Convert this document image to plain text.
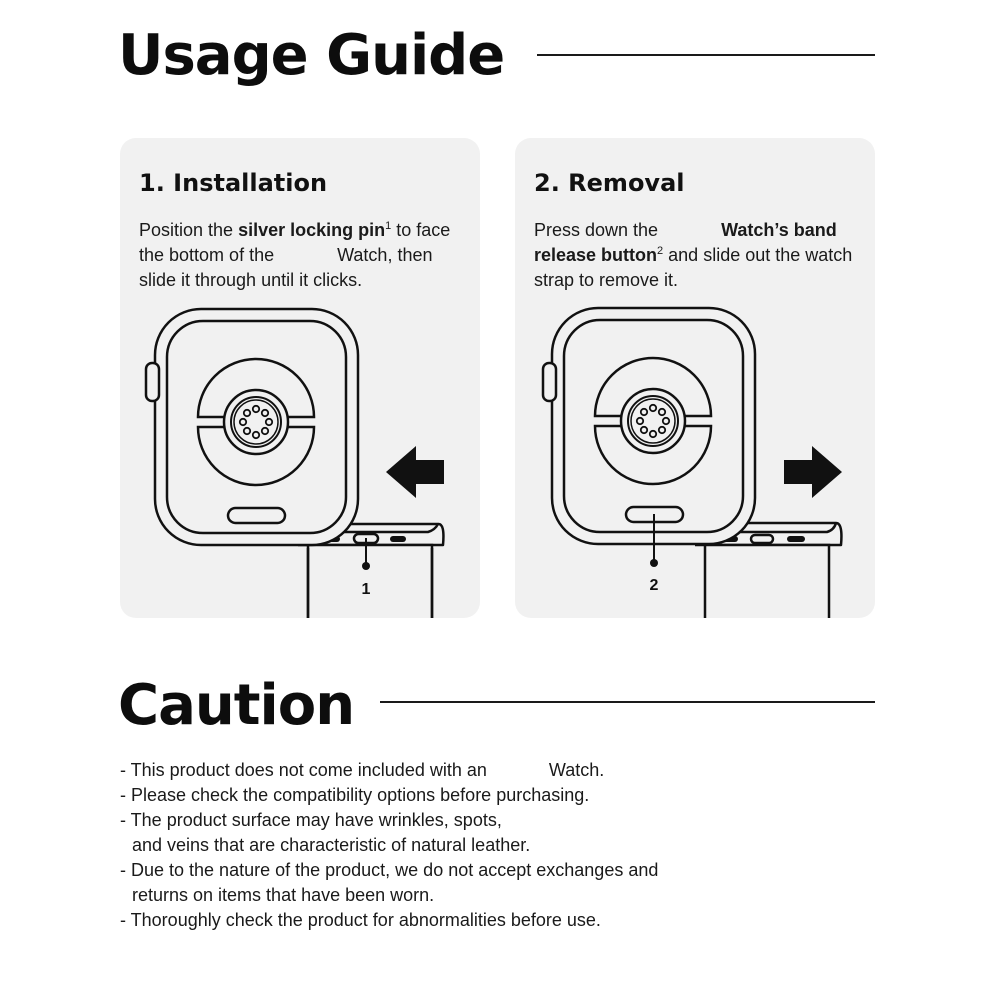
Usage Guide
1. Installation

Position the silver locking pin$^1$ to face the bottom of the	Watch, then slide it through until it clicks.

1
2. Removal

Press down the	Watch’s band release button$^2$ and slide out the watch strap to remove it.

2
Caution
- This product does not come included with an	Watch.
- Please check the compatibility options before purchasing.
- The product surface may have wrinkles, spots,
and veins that are characteristic of natural leather.
- Due to the nature of the product, we do not accept exchanges and
returns on items that have been worn.
- Thoroughly check the product for abnormalities before use.
